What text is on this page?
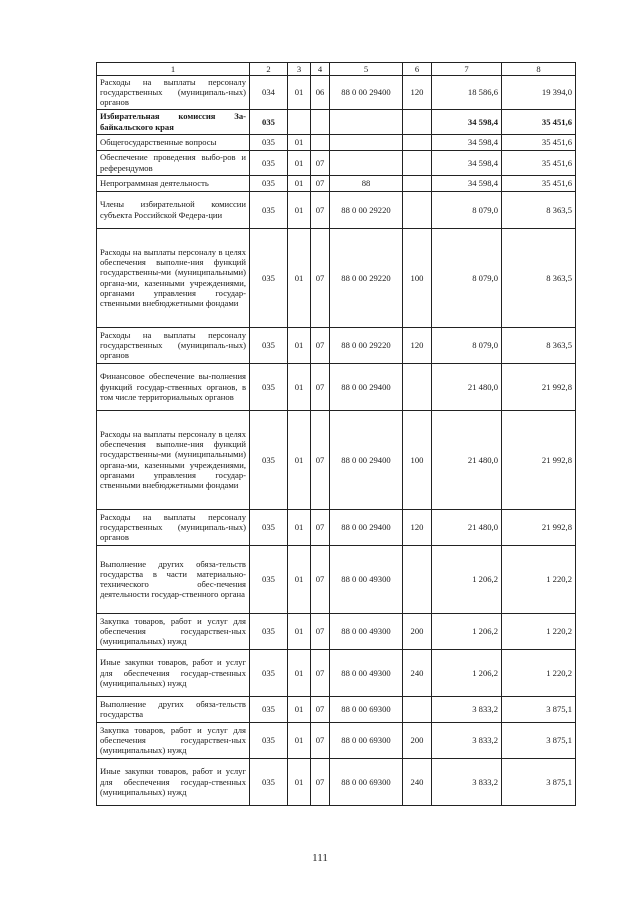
1	2	3	4	5	6	7	8
Расходы на выплаты персоналу государственных (муниципаль-ных) органов	034	01	06	88 0 00 29400	120	18 586,6	19 394,0
Избирательная комиссия За-байкальского края	035					34 598,4	35 451,6
Общегосударственные вопросы	035	01				34 598,4	35 451,6
Обеспечение проведения выбо-ров и референдумов	035	01	07			34 598,4	35 451,6
Непрограммная деятельность	035	01	07	88		34 598,4	35 451,6
Члены избирательной комиссии субъекта Российской Федера-ции	035	01	07	88 0 00 29220		8 079,0	8 363,5
Расходы на выплаты персоналу в целях обеспечения выполне-ния функций государственны-ми (муниципальными) органа-ми, казенными учреждениями, органами управления государ-ственными внебюджетными фондами	035	01	07	88 0 00 29220	100	8 079,0	8 363,5
Расходы на выплаты персоналу государственных (муниципаль-ных) органов	035	01	07	88 0 00 29220	120	8 079,0	8 363,5
Финансовое обеспечение вы-полнения функций государ-ственных органов, в том числе территориальных органов	035	01	07	88 0 00 29400		21 480,0	21 992,8
Расходы на выплаты персоналу в целях обеспечения выполне-ния функций государственны-ми (муниципальными) органа-ми, казенными учреждениями, органами управления государ-ственными внебюджетными фондами	035	01	07	88 0 00 29400	100	21 480,0	21 992,8
Расходы на выплаты персоналу государственных (муниципаль-ных) органов	035	01	07	88 0 00 29400	120	21 480,0	21 992,8
Выполнение других обяза-тельств государства в части материально-технического обес-печения деятельности государ-ственного органа	035	01	07	88 0 00 49300		1 206,2	1 220,2
Закупка товаров, работ и услуг для обеспечения государствен-ных (муниципальных) нужд	035	01	07	88 0 00 49300	200	1 206,2	1 220,2
Иные закупки товаров, работ и услуг для обеспечения государ-ственных (муниципальных) нужд	035	01	07	88 0 00 49300	240	1 206,2	1 220,2
Выполнение других обяза-тельств государства	035	01	07	88 0 00 69300		3 833,2	3 875,1
Закупка товаров, работ и услуг для обеспечения государствен-ных (муниципальных) нужд	035	01	07	88 0 00 69300	200	3 833,2	3 875,1
Иные закупки товаров, работ и услуг для обеспечения государ-ственных (муниципальных) нужд	035	01	07	88 0 00 69300	240	3 833,2	3 875,1
111
